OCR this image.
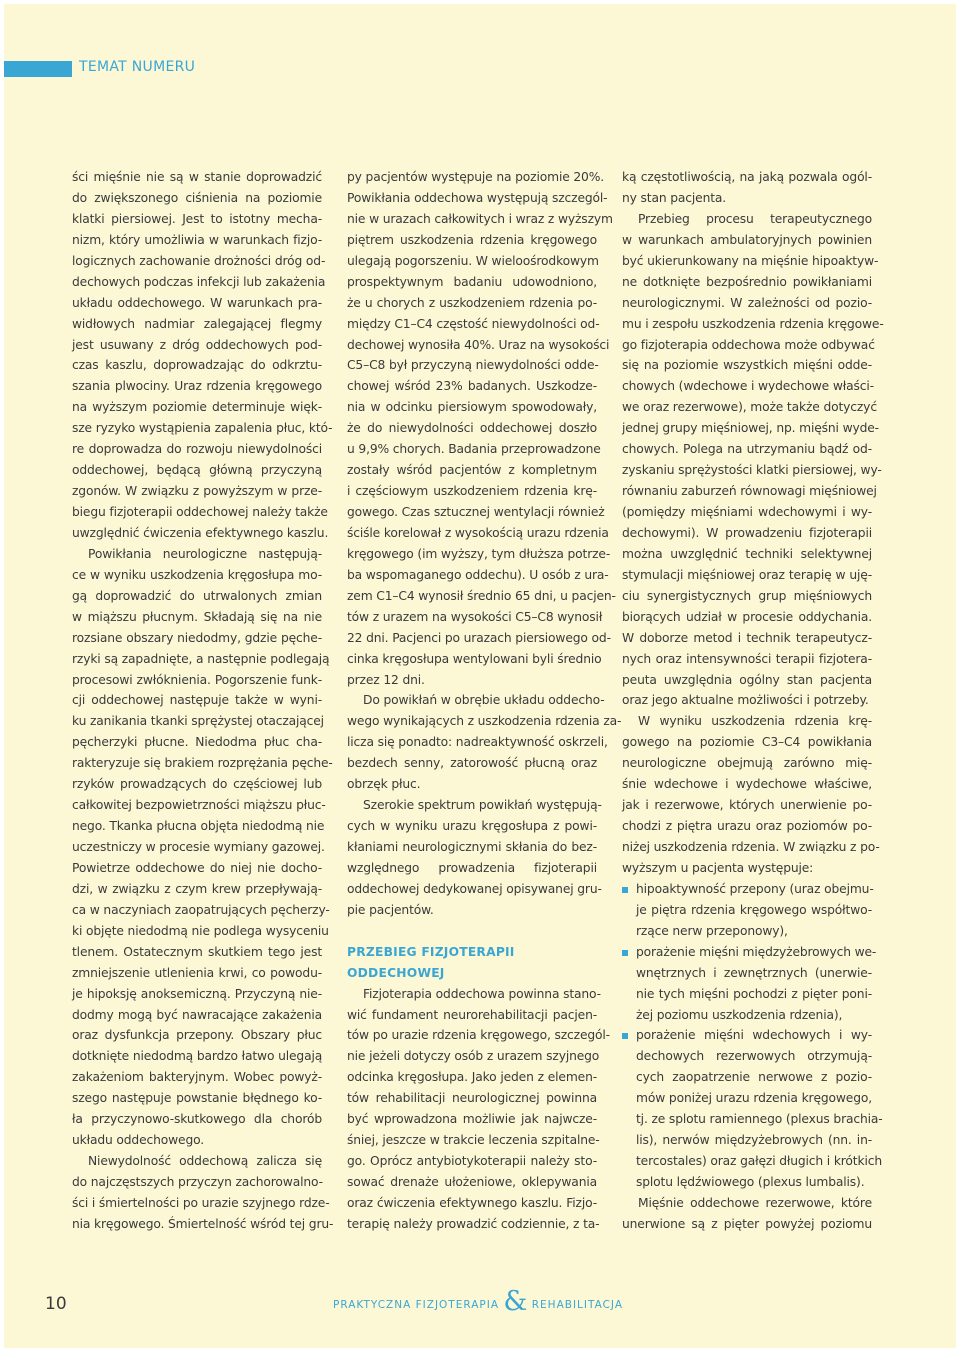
TEMAT NUMERU
ści mięśnie nie są w stanie doprowadzić
do zwiększonego ciśnienia na poziomie
klatki piersiowej. Jest to istotny mecha-
nizm, który umożliwia w warunkach fizjo-
logicznych zachowanie drożności dróg od-
dechowych podczas infekcji lub zakażenia
układu oddechowego. W warunkach pra-
widłowych nadmiar zalegającej flegmy
jest usuwany z dróg oddechowych pod-
czas kaszlu, doprowadzając do odkrztu-
szania plwociny. Uraz rdzenia kręgowego
na wyższym poziomie determinuje więk-
sze ryzyko wystąpienia zapalenia płuc, któ-
re doprowadza do rozwoju niewydolności
oddechowej, będącą główną przyczyną
zgonów. W związku z powyższym w prze-
biegu fizjoterapii oddechowej należy także
uwzględnić ćwiczenia efektywnego kaszlu.
Powikłania neurologiczne następują-
ce w wyniku uszkodzenia kręgosłupa mo-
gą doprowadzić do utrwalonych zmian
w miąższu płucnym. Składają się na nie
rozsiane obszary niedodmy, gdzie pęche-
rzyki są zapadnięte, a następnie podlegają
procesowi zwłóknienia. Pogorszenie funk-
cji oddechowej następuje także w wyni-
ku zanikania tkanki sprężystej otaczającej
pęcherzyki płucne. Niedodma płuc cha-
rakteryzuje się brakiem rozprężania pęche-
rzyków prowadzących do częściowej lub
całkowitej bezpowietrzności miąższu płuc-
nego. Tkanka płucna objęta niedodmą nie
uczestniczy w procesie wymiany gazowej.
Powietrze oddechowe do niej nie docho-
dzi, w związku z czym krew przepływają-
ca w naczyniach zaopatrujących pęcherzy-
ki objęte niedodmą nie podlega wysyceniu
tlenem. Ostatecznym skutkiem tego jest
zmniejszenie utlenienia krwi, co powodu-
je hipoksję anoksemiczną. Przyczyną nie-
dodmy mogą być nawracające zakażenia
oraz dysfunkcja przepony. Obszary płuc
dotknięte niedodmą bardzo łatwo ulegają
zakażeniom bakteryjnym. Wobec powyż-
szego następuje powstanie błędnego ko-
ła przyczynowo-skutkowego dla chorób
układu oddechowego.
Niewydolność oddechową zalicza się
do najczęstszych przyczyn zachorowalno-
ści i śmiertelności po urazie szyjnego rdze-
nia kręgowego. Śmiertelność wśród tej gru-
py pacjentów występuje na poziomie 20%.
Powikłania oddechowa występują szczegól-
nie w urazach całkowitych i wraz z wyższym
piętrem uszkodzenia rdzenia kręgowego
ulegają pogorszeniu. W wieloośrodkowym
prospektywnym badaniu udowodniono,
że u chorych z uszkodzeniem rdzenia po-
między C1–C4 częstość niewydolności od-
dechowej wynosiła 40%. Uraz na wysokości
C5–C8 był przyczyną niewydolności odde-
chowej wśród 23% badanych. Uszkodze-
nia w odcinku piersiowym spowodowały,
że do niewydolności oddechowej doszło
u 9,9% chorych. Badania przeprowadzone
zostały wśród pacjentów z kompletnym
i częściowym uszkodzeniem rdzenia krę-
gowego. Czas sztucznej wentylacji również
ściśle korelował z wysokością urazu rdzenia
kręgowego (im wyższy, tym dłuższa potrze-
ba wspomaganego oddechu). U osób z ura-
zem C1–C4 wynosił średnio 65 dni, u pacjen-
tów z urazem na wysokości C5–C8 wynosił
22 dni. Pacjenci po urazach piersiowego od-
cinka kręgosłupa wentylowani byli średnio
przez 12 dni.
Do powikłań w obrębie układu oddecho-
wego wynikających z uszkodzenia rdzenia za-
licza się ponadto: nadreaktywność oskrzeli,
bezdech senny, zatorowość płucną oraz
obrzęk płuc.
Szerokie spektrum powikłań występują-
cych w wyniku urazu kręgosłupa z powi-
kłaniami neurologicznymi skłania do bez-
względnego prowadzenia fizjoterapii
oddechowej dedykowanej opisywanej gru-
pie pacjentów.
PRZEBIEG FIZJOTERAPII
ODDECHOWEJ
Fizjoterapia oddechowa powinna stano-
wić fundament neurorehabilitacji pacjen-
tów po urazie rdzenia kręgowego, szczegól-
nie jeżeli dotyczy osób z urazem szyjnego
odcinka kręgosłupa. Jako jeden z elemen-
tów rehabilitacji neurologicznej powinna
być wprowadzona możliwie jak najwcze-
śniej, jeszcze w trakcie leczenia szpitalne-
go. Oprócz antybiotykoterapii należy sto-
sować drenaże ułożeniowe, oklepywania
oraz ćwiczenia efektywnego kaszlu. Fizjo-
terapię należy prowadzić codziennie, z ta-
ką częstotliwością, na jaką pozwala ogól-
ny stan pacjenta.
Przebieg procesu terapeutycznego
w warunkach ambulatoryjnych powinien
być ukierunkowany na mięśnie hipoaktyw-
ne dotknięte bezpośrednio powikłaniami
neurologicznymi. W zależności od pozio-
mu i zespołu uszkodzenia rdzenia kręgowe-
go fizjoterapia oddechowa może odbywać
się na poziomie wszystkich mięśni odde-
chowych (wdechowe i wydechowe właści-
we oraz rezerwowe), może także dotyczyć
jednej grupy mięśniowej, np. mięśni wyde-
chowych. Polega na utrzymaniu bądź od-
zyskaniu sprężystości klatki piersiowej, wy-
równaniu zaburzeń równowagi mięśniowej
(pomiędzy mięśniami wdechowymi i wy-
dechowymi). W prowadzeniu fizjoterapii
można uwzględnić techniki selektywnej
stymulacji mięśniowej oraz terapię w uję-
ciu synergistycznych grup mięśniowych
biorących udział w procesie oddychania.
W doborze metod i technik terapeutycz-
nych oraz intensywności terapii fizjotera-
peuta uwzględnia ogólny stan pacjenta
oraz jego aktualne możliwości i potrzeby.
W wyniku uszkodzenia rdzenia krę-
gowego na poziomie C3–C4 powikłania
neurologiczne obejmują zarówno mię-
śnie wdechowe i wydechowe właściwe,
jak i rezerwowe, których unerwienie po-
chodzi z piętra urazu oraz poziomów po-
niżej uszkodzenia rdzenia. W związku z po-
wyższym u pacjenta występuje:
hipoaktywność przepony (uraz obejmu-
je piętra rdzenia kręgowego współtwo-
rzące nerw przeponowy),
porażenie mięśni międzyżebrowych we-
wnętrznych i zewnętrznych (unerwie-
nie tych mięśni pochodzi z pięter poni-
żej poziomu uszkodzenia rdzenia),
porażenie mięśni wdechowych i wy-
dechowych rezerwowych otrzymują-
cych zaopatrzenie nerwowe z pozio-
mów poniżej urazu rdzenia kręgowego,
tj. ze splotu ramiennego (plexus brachia-
lis), nerwów międzyżebrowych (nn. in-
tercostales) oraz gałęzi długich i krótkich
splotu lędźwiowego (plexus lumbalis).
Mięśnie oddechowe rezerwowe, które
unerwione są z pięter powyżej poziomu
10	PRAKTYCZNA FIZJOTERAPIA & REHABILITACJA
